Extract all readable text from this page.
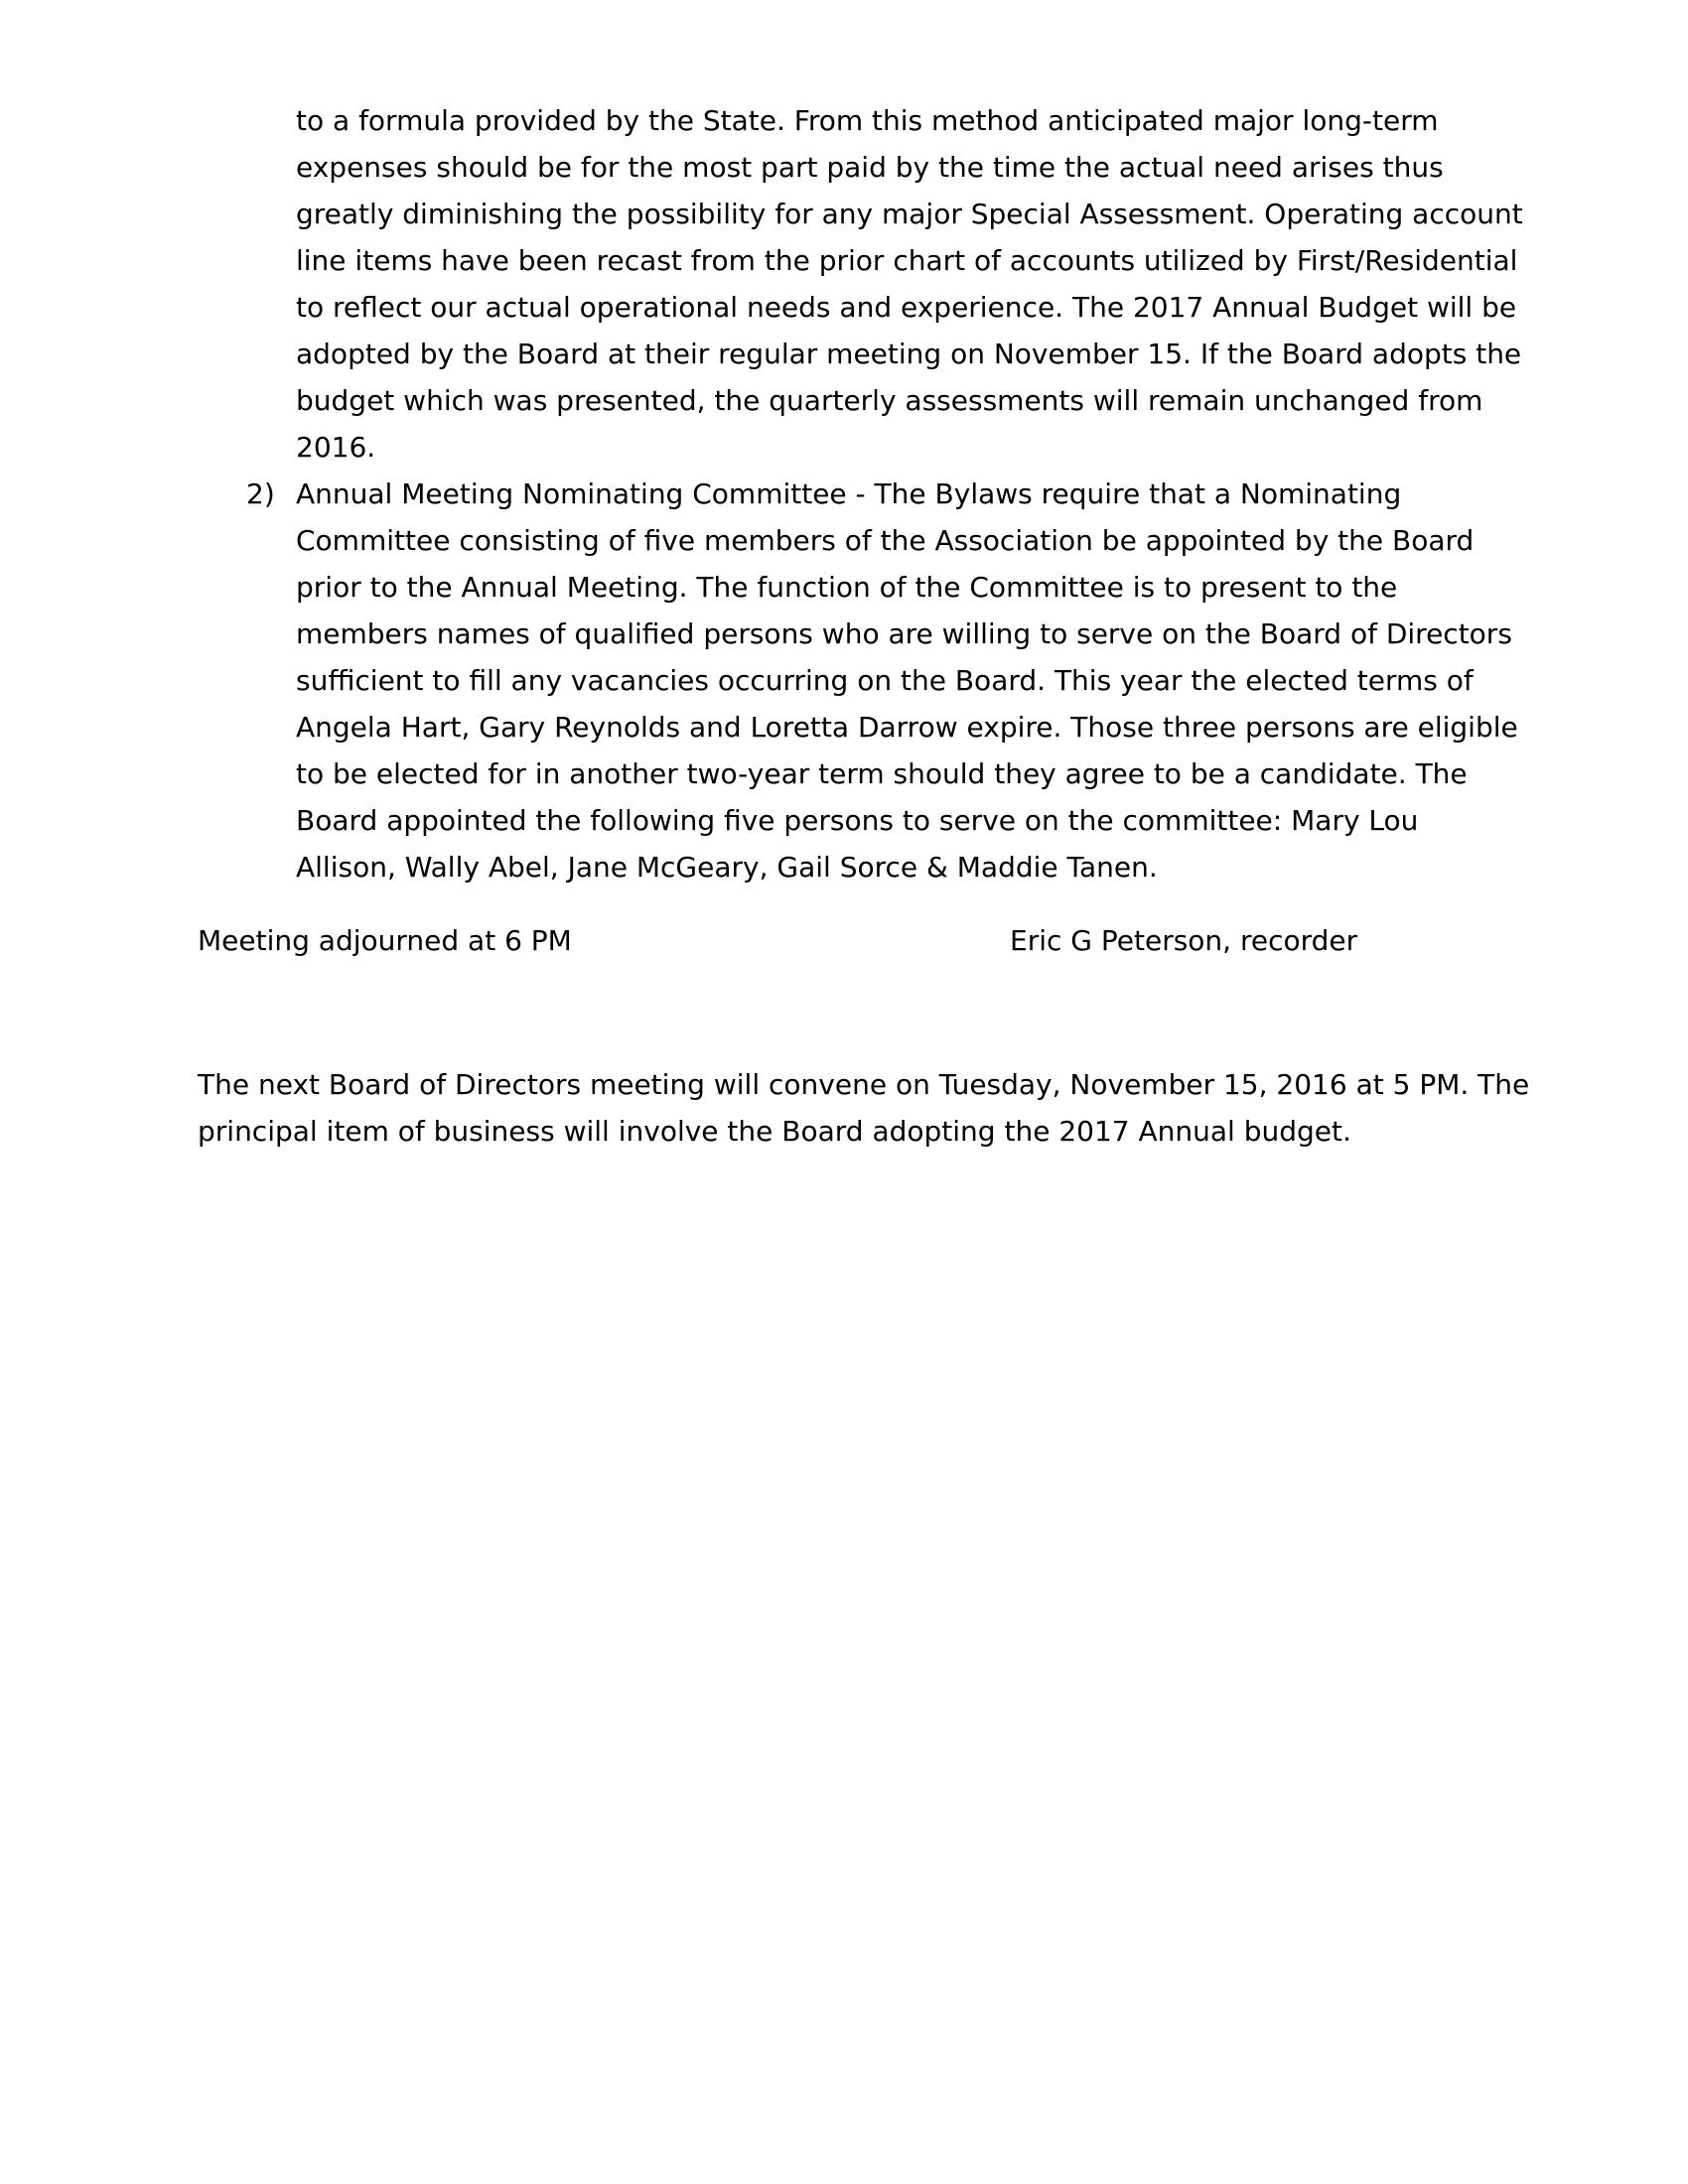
to a formula provided by the State. From this method anticipated major long-term
expenses should be for the most part paid by the time the actual need arises thus
greatly diminishing the possibility for any major Special Assessment. Operating account
line items have been recast from the prior chart of accounts utilized by First/Residential
to reflect our actual operational needs and experience. The 2017 Annual Budget will be
adopted by the Board at their regular meeting on November 15. If the Board adopts the
budget which was presented, the quarterly assessments will remain unchanged from
2016.
2) Annual Meeting Nominating Committee - The Bylaws require that a Nominating
Committee consisting of five members of the Association be appointed by the Board
prior to the Annual Meeting. The function of the Committee is to present to the
members names of qualified persons who are willing to serve on the Board of Directors
sufficient to fill any vacancies occurring on the Board. This year the elected terms of
Angela Hart, Gary Reynolds and Loretta Darrow expire. Those three persons are eligible
to be elected for in another two-year term should they agree to be a candidate. The
Board appointed the following five persons to serve on the committee: Mary Lou
Allison, Wally Abel, Jane McGeary, Gail Sorce & Maddie Tanen.
Meeting adjourned at 6 PM	Eric G Peterson, recorder
The next Board of Directors meeting will convene on Tuesday, November 15, 2016 at 5 PM. The
principal item of business will involve the Board adopting the 2017 Annual budget.
